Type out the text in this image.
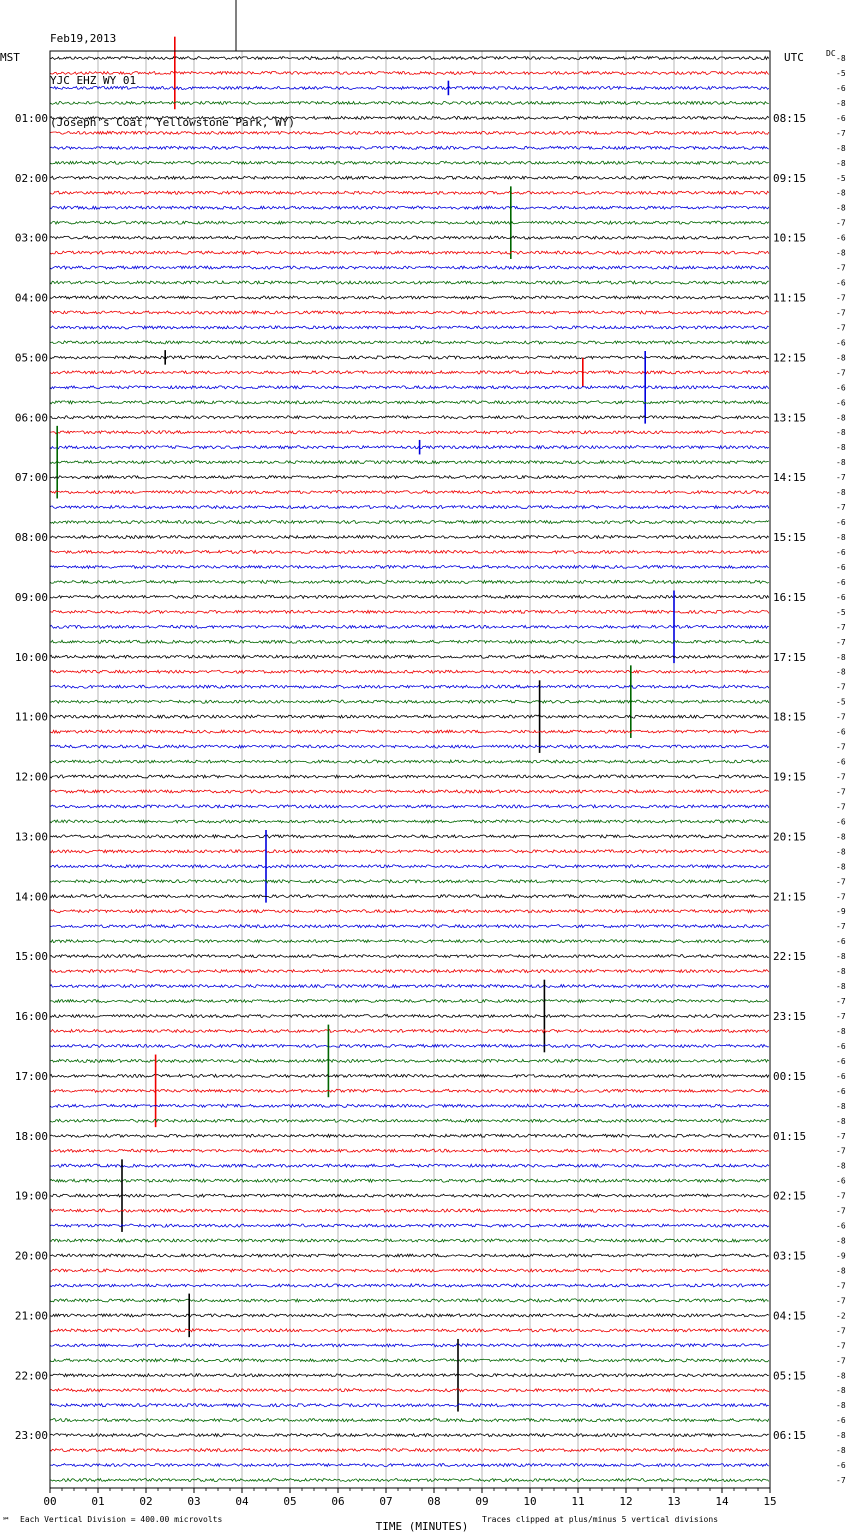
Feb19,2013

YJC EHZ WY 01

(Joseph's Coat, Yellowstone Park, WY)

MST	UTC	DC
℠ Each Vertical Division = 400.00 microvolts	Traces clipped at plus/minus 5 vertical divisions
01:00
02:00
03:00
04:00
05:00
06:00
07:00
08:00
09:00
10:00
11:00
12:00
13:00
14:00
15:00
16:00
17:00
18:00
19:00
20:00
21:00
22:00
23:00
08:15
09:15
10:15
11:15
12:15
13:15
14:15
15:15
16:15
17:15
18:15
19:15
20:15
21:15
22:15
23:15
00:15
01:15
02:15
03:15
04:15
05:15
06:15
-8
-5
-6
-8
-6
-7
-8
-8
-5
-8
-8
-7
-6
-8
-7
-6
-7
-7
-7
-6
-8
-7
-6
-6
-8
-8
-8
-8
-7
-8
-7
-6
-8
-6
-6
-6
-6
-5
-7
-7
-8
-8
-7
-5
-7
-6
-7
-6
-7
-7
-7
-6
-8
-8
-8
-7
-7
-9
-7
-6
-8
-8
-8
-7
-7
-8
-6
-6
-6
-6
-8
-8
-7
-7
-8
-6
-7
-7
-6
-8
-9
-8
-7
-7
-2
-7
-7
-7
-8
-8
-8
-6
-8
-8
-6
-7
00	01	02	03	04	05	06	07	08	09	10	11	12	13	14	15
TIME (MINUTES)
